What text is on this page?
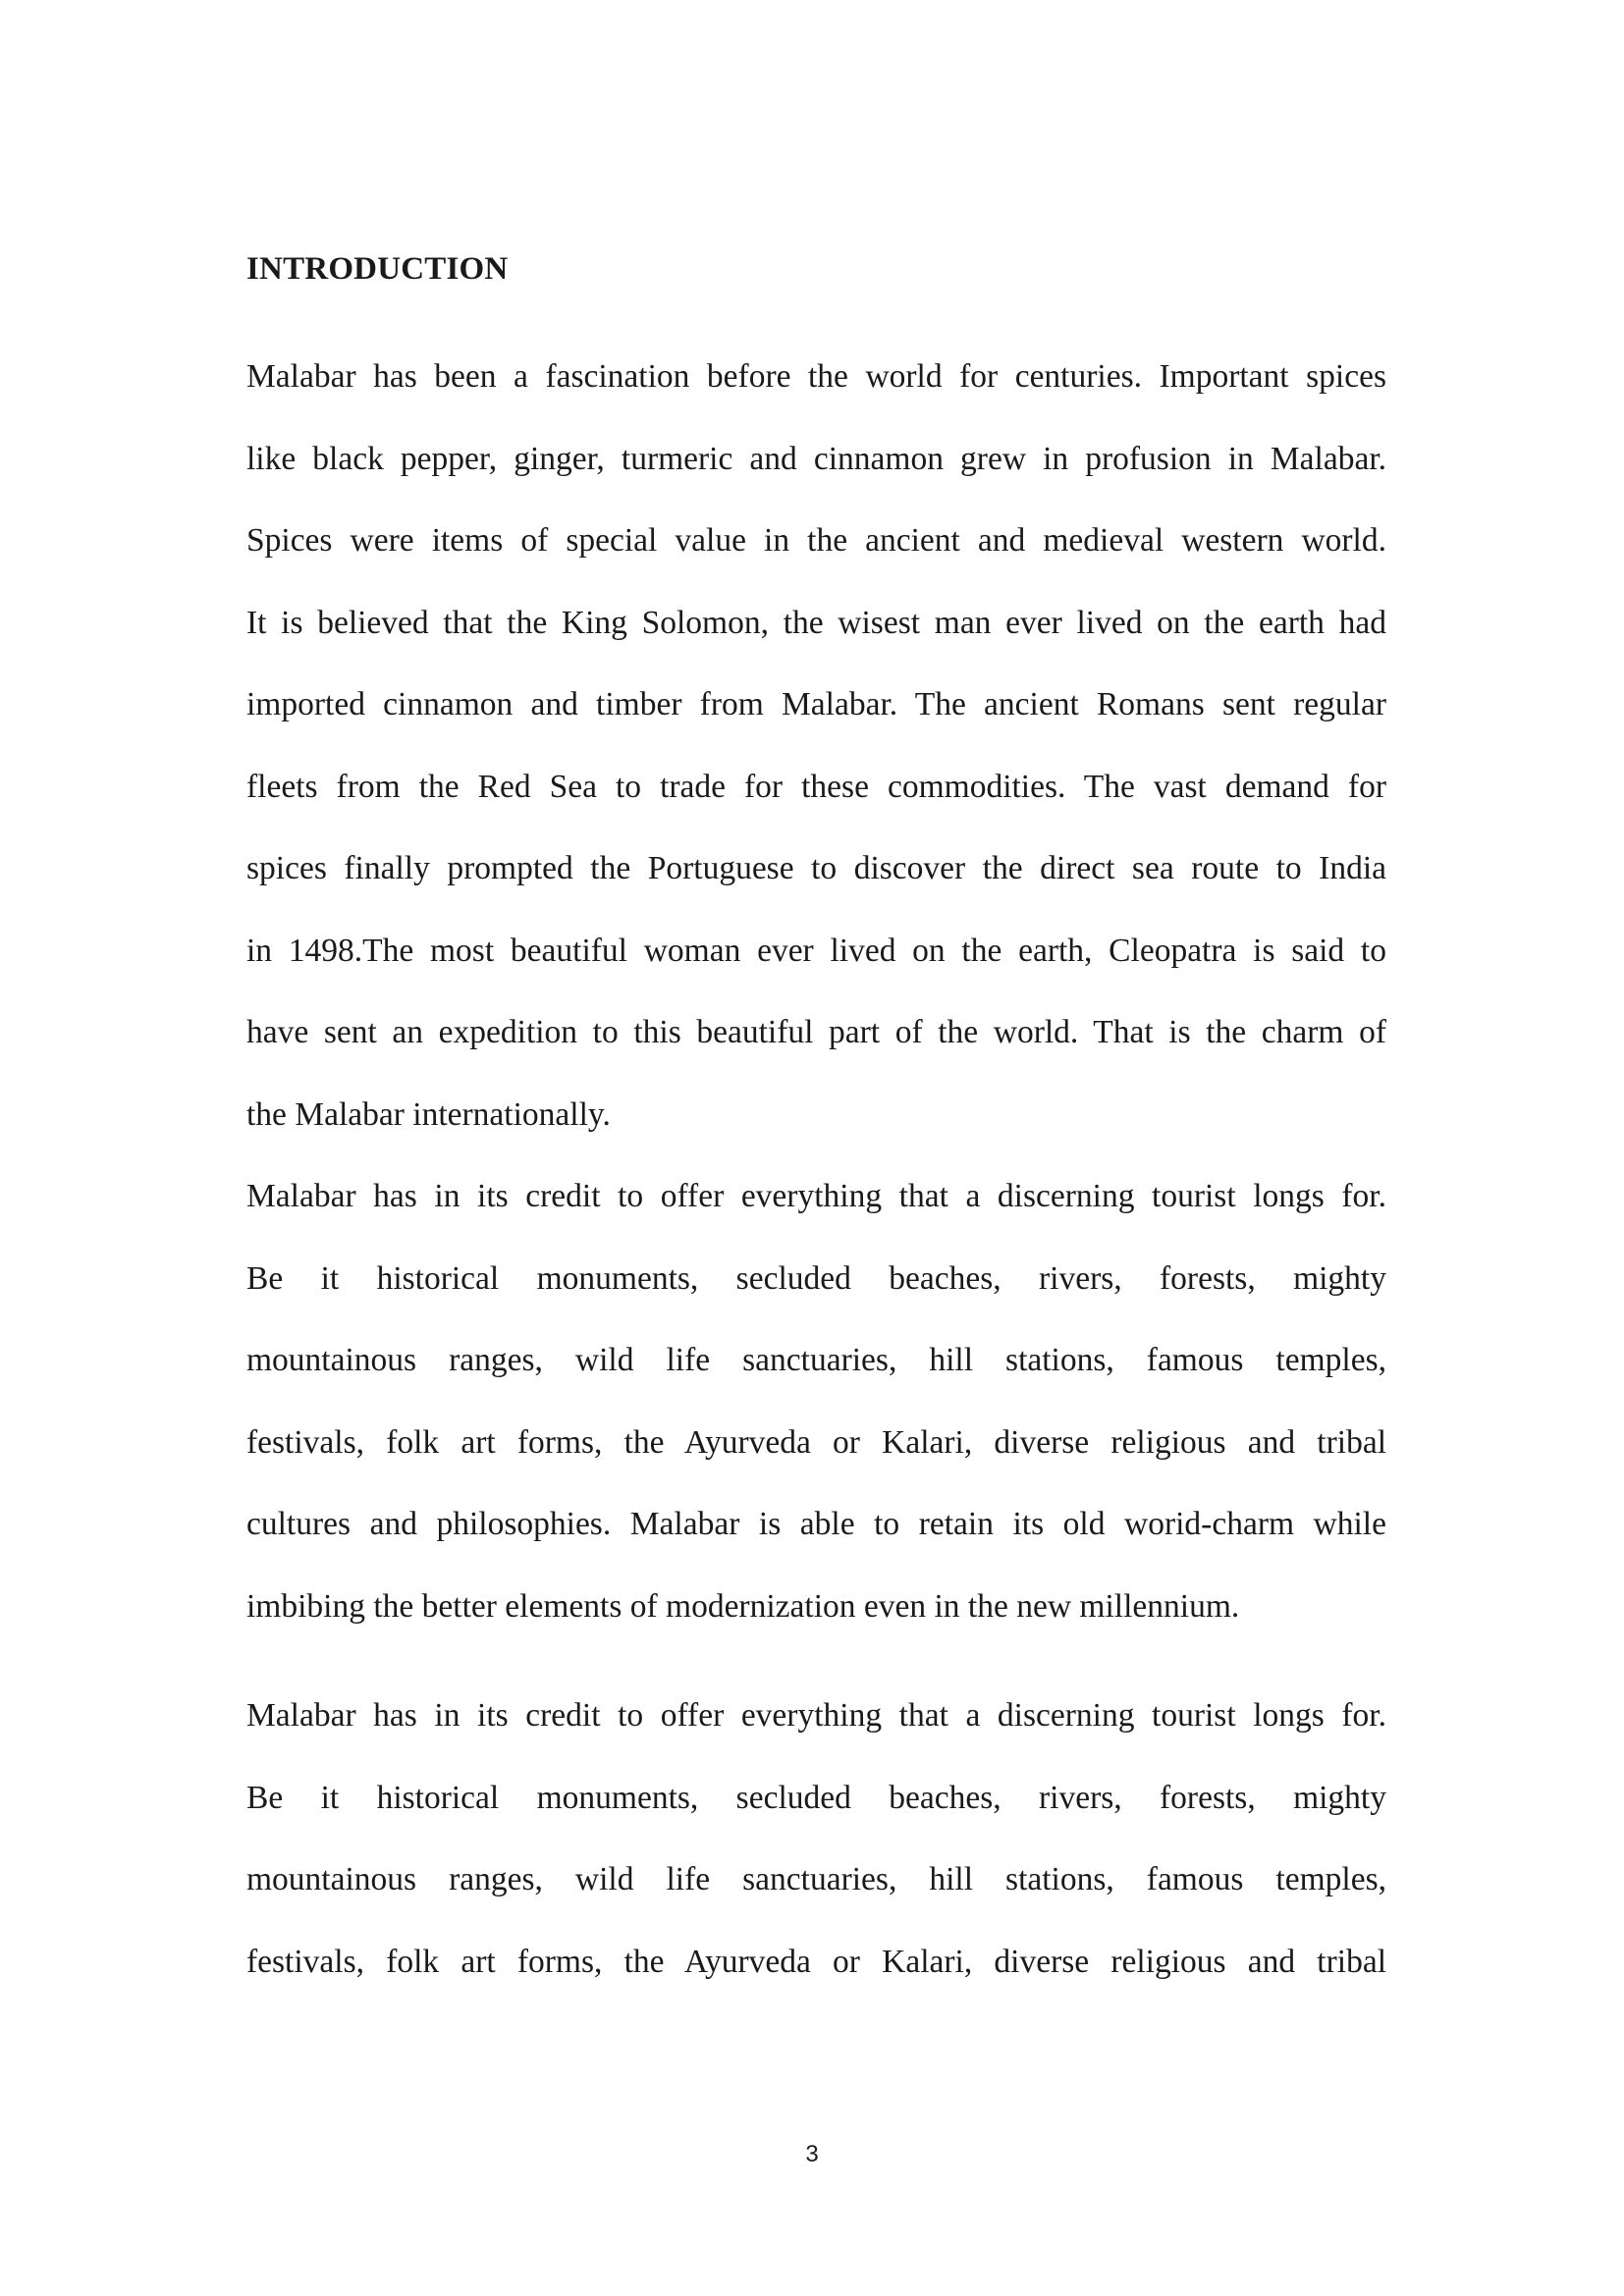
INTRODUCTION

Malabar has been a fascination before the world for centuries. Important spices
like black pepper, ginger, turmeric and cinnamon grew in profusion in Malabar.
Spices were items of special value in the ancient and medieval western world.
It is believed that the King Solomon, the wisest man ever lived on the earth had
imported cinnamon and timber from Malabar. The ancient Romans sent regular
fleets from the Red Sea to trade for these commodities. The vast demand for
spices finally prompted the Portuguese to discover the direct sea route to India
in 1498.The most beautiful woman ever lived on the earth, Cleopatra is said to
have sent an expedition to this beautiful part of the world. That is the charm of
the Malabar internationally.

Malabar has in its credit to offer everything that a discerning tourist longs for.
Be it historical monuments, secluded beaches, rivers, forests, mighty
mountainous ranges, wild life sanctuaries, hill stations, famous temples,
festivals, folk art forms, the Ayurveda or Kalari, diverse religious and tribal
cultures and philosophies. Malabar is able to retain its old worid-charm while
imbibing the better elements of modernization even in the new millennium.

Malabar has in its credit to offer everything that a discerning tourist longs for.
Be it historical monuments, secluded beaches, rivers, forests, mighty
mountainous ranges, wild life sanctuaries, hill stations, famous temples,
festivals, folk art forms, the Ayurveda or Kalari, diverse religious and tribal

3
